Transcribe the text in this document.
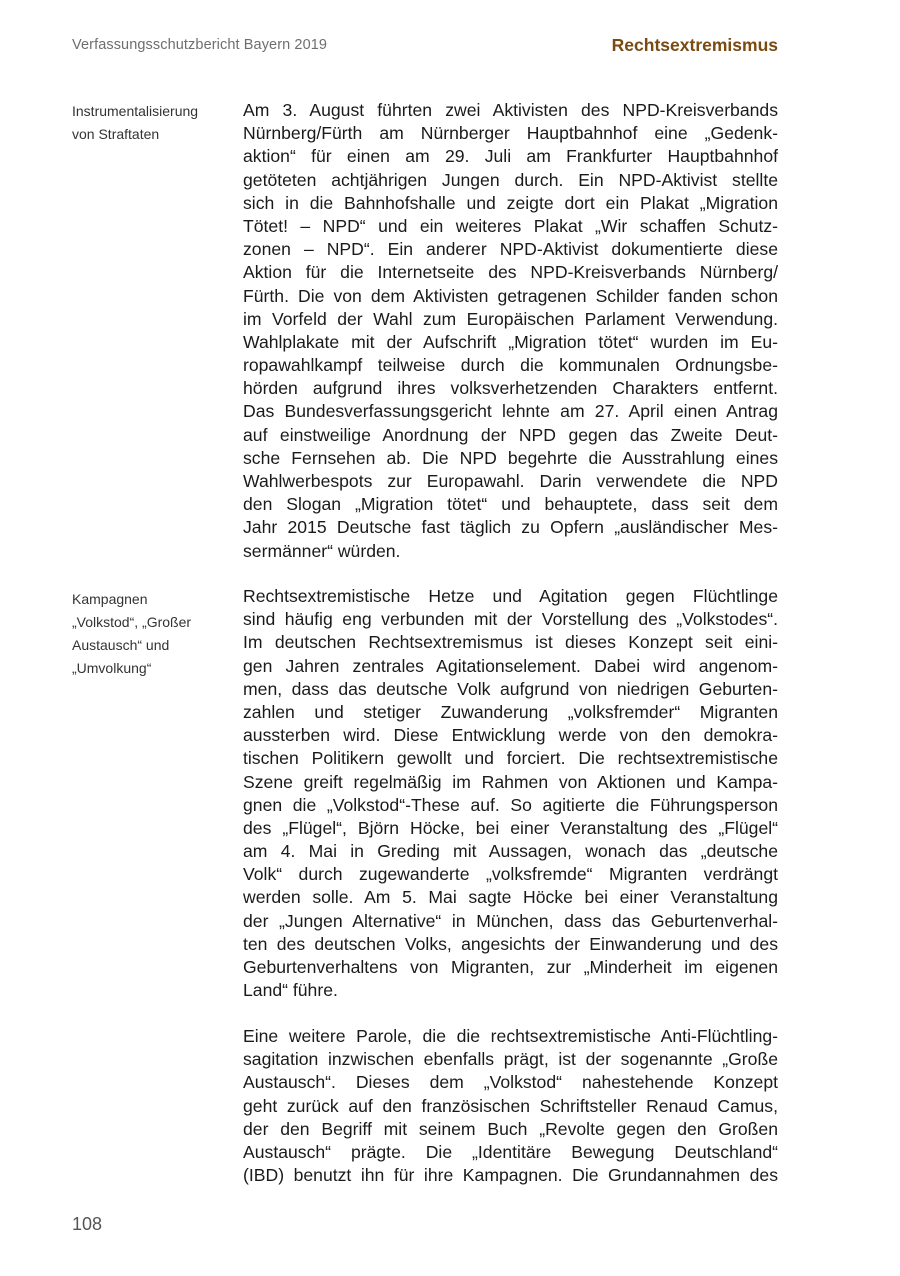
Verfassungsschutzbericht Bayern 2019	Rechtsextremismus
Instrumentalisierung
von Straftaten
Am 3. August führten zwei Aktivisten des NPD-Kreisverbands
Nürnberg/Fürth am Nürnberger Hauptbahnhof eine „Gedenk-
aktion“ für einen am 29. Juli am Frankfurter Hauptbahnhof
getöteten achtjährigen Jungen durch. Ein NPD-Aktivist stellte
sich in die Bahnhofshalle und zeigte dort ein Plakat „Migration
Tötet! – NPD“ und ein weiteres Plakat „Wir schaffen Schutz-
zonen – NPD“. Ein anderer NPD-Aktivist dokumentierte diese
Aktion für die Internetseite des NPD-Kreisverbands Nürnberg/
Fürth. Die von dem Aktivisten getragenen Schilder fanden schon
im Vorfeld der Wahl zum Europäischen Parlament Verwendung.
Wahlplakate mit der Aufschrift „Migration tötet“ wurden im Eu-
ropawahlkampf teilweise durch die kommunalen Ordnungsbe-
hörden aufgrund ihres volksverhetzenden Charakters entfernt.
Das Bundesverfassungsgericht lehnte am 27. April einen Antrag
auf einstweilige Anordnung der NPD gegen das Zweite Deut-
sche Fernsehen ab. Die NPD begehrte die Ausstrahlung eines
Wahlwerbespots zur Europawahl. Darin verwendete die NPD
den Slogan „Migration tötet“ und behauptete, dass seit dem
Jahr 2015 Deutsche fast täglich zu Opfern „ausländischer Mes-
sermänner“ würden.
Kampagnen
„Volkstod“, „Großer
Austausch“ und
„Umvolkung“
Rechtsextremistische Hetze und Agitation gegen Flüchtlinge
sind häufig eng verbunden mit der Vorstellung des „Volkstodes“.
Im deutschen Rechtsextremismus ist dieses Konzept seit eini-
gen Jahren zentrales Agitationselement. Dabei wird angenom-
men, dass das deutsche Volk aufgrund von niedrigen Geburten-
zahlen und stetiger Zuwanderung „volksfremder“ Migranten
aussterben wird. Diese Entwicklung werde von den demokra-
tischen Politikern gewollt und forciert. Die rechtsextremistische
Szene greift regelmäßig im Rahmen von Aktionen und Kampa-
gnen die „Volkstod“-These auf. So agitierte die Führungsperson
des „Flügel“, Björn Höcke, bei einer Veranstaltung des „Flügel“
am 4. Mai in Greding mit Aussagen, wonach das „deutsche
Volk“ durch zugewanderte „volksfremde“ Migranten verdrängt
werden solle. Am 5. Mai sagte Höcke bei einer Veranstaltung
der „Jungen Alternative“ in München, dass das Geburtenverhal-
ten des deutschen Volks, angesichts der Einwanderung und des
Geburtenverhaltens von Migranten, zur „Minderheit im eigenen
Land“ führe.
Eine weitere Parole, die die rechtsextremistische Anti-Flüchtling-
sagitation inzwischen ebenfalls prägt, ist der sogenannte „Große
Austausch“. Dieses dem „Volkstod“ nahestehende Konzept
geht zurück auf den französischen Schriftsteller Renaud Camus,
der den Begriff mit seinem Buch „Revolte gegen den Großen
Austausch“ prägte. Die „Identitäre Bewegung Deutschland“
(IBD) benutzt ihn für ihre Kampagnen. Die Grundannahmen des
108
